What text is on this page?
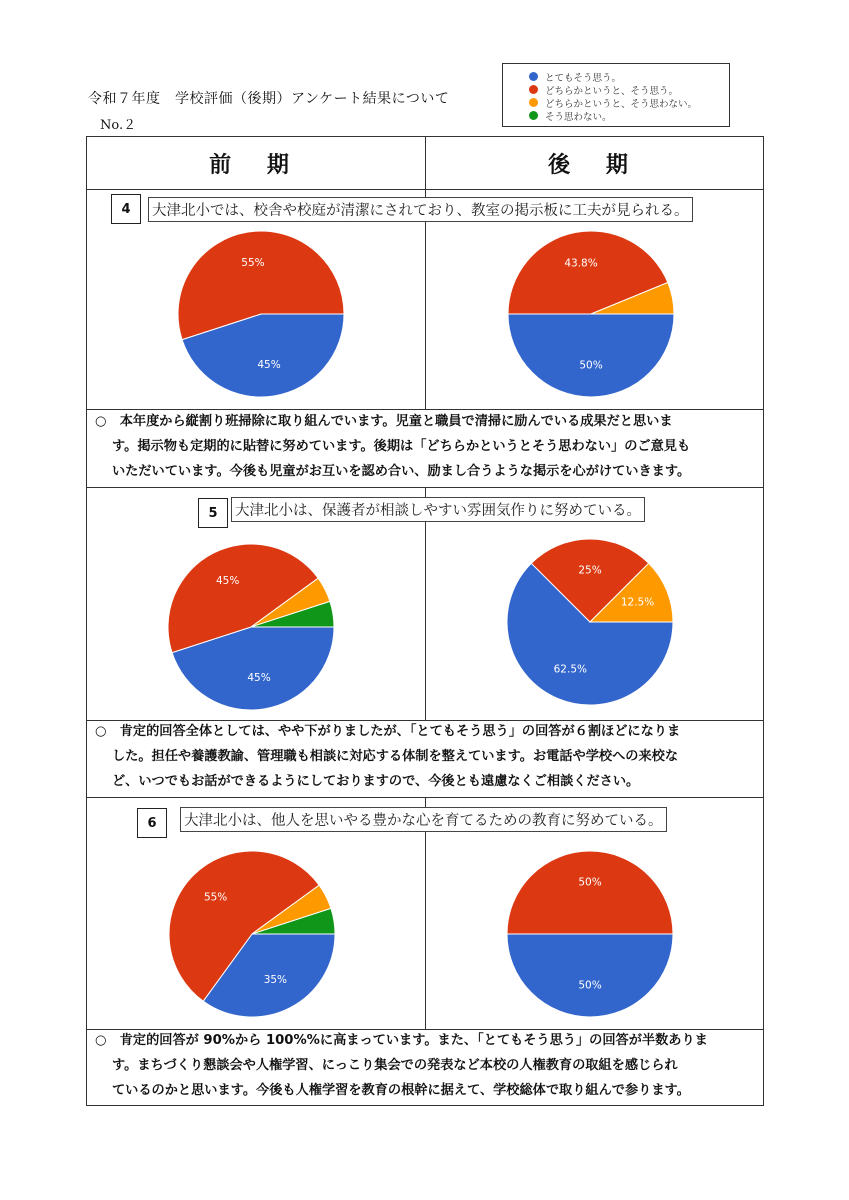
令和７年度　学校評価（後期）アンケート結果について
No.２
とてもそう思う。
どちらかというと、そう思う。
どちらかというと、そう思わない。
そう思わない。
前 期	後 期
4	大津北小では、校舎や校庭が清潔にされており、教室の掲示板に工夫が見られる。
45%
55%
50%
43.8%
○　本年度から縦割り班掃除に取り組んでいます。児童と職員で清掃に励んでいる成果だと思いま
す。掲示物も定期的に貼替に努めています。後期は「どちらかというとそう思わない」のご意見も
いただいています。今後も児童がお互いを認め合い、励まし合うような掲示を心がけていきます。
5	大津北小は、保護者が相談しやすい雰囲気作りに努めている。
45%
45%
62.5%
25%
12.5%
○　肯定的回答全体としては、やや下がりましたが、「とてもそう思う」の回答が６割ほどになりま
した。担任や養護教諭、管理職も相談に対応する体制を整えています。お電話や学校への来校な
ど、いつでもお話ができるようにしておりますので、今後とも遠慮なくご相談ください。
6	大津北小は、他人を思いやる豊かな心を育てるための教育に努めている。
35%
55%
50%
50%
○　肯定的回答が 90%から 100%%に高まっています。また、「とてもそう思う」の回答が半数ありま
す。まちづくり懇談会や人権学習、にっこり集会での発表など本校の人権教育の取組を感じられ
ているのかと思います。今後も人権学習を教育の根幹に据えて、学校総体で取り組んで参ります。
